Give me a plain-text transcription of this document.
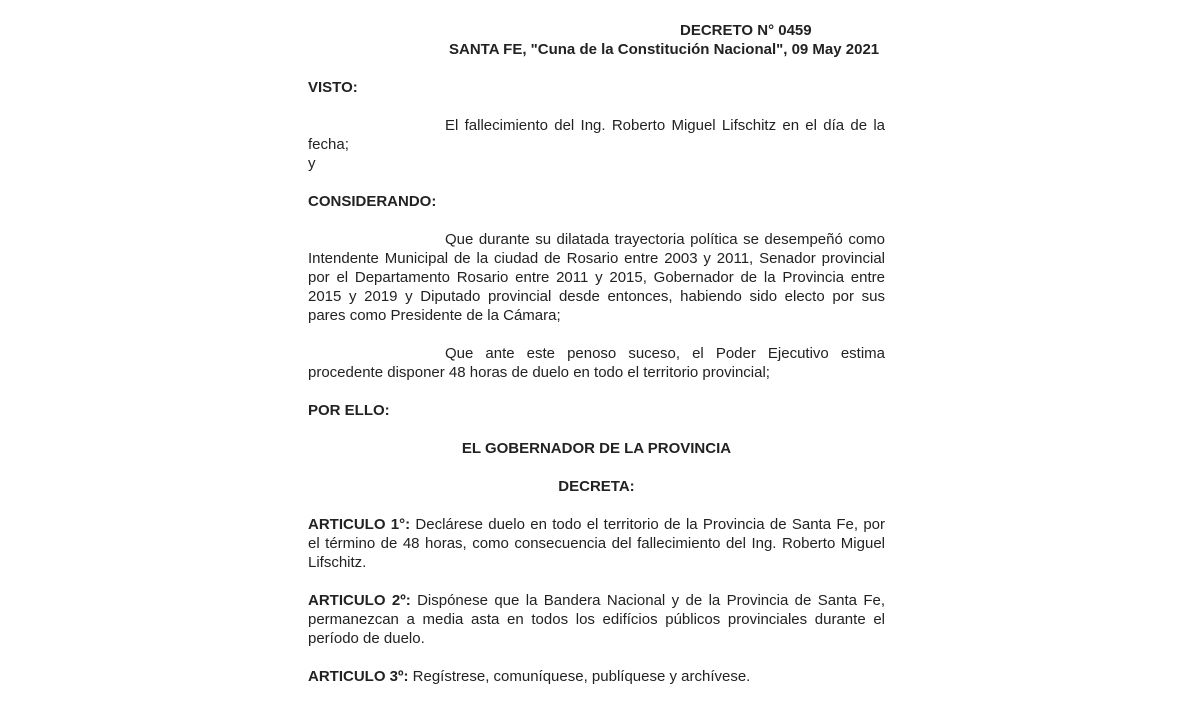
DECRETO N° 0459
SANTA FE, "Cuna de la Constitución Nacional", 09 May 2021

VISTO:

El fallecimiento del Ing. Roberto Miguel Lifschitz en el día de la fecha;
y

CONSIDERANDO:

Que durante su dilatada trayectoria política se desempeñó como Intendente Municipal de la ciudad de Rosario entre 2003 y 2011, Senador provincial por el Departamento Rosario entre 2011 y 2015, Gobernador de la Provincia entre 2015 y 2019 y Diputado provincial desde entonces, habiendo sido electo por sus pares como Presidente de la Cámara;

Que ante este penoso suceso, el Poder Ejecutivo estima procedente disponer 48 horas de duelo en todo el territorio provincial;

POR ELLO:

EL GOBERNADOR DE LA PROVINCIA

DECRETA:

ARTICULO 1°: Declárese duelo en todo el territorio de la Provincia de Santa Fe, por el término de 48 horas, como consecuencia del fallecimiento del Ing. Roberto Miguel Lifschitz.

ARTICULO 2º: Dispónese que la Bandera Nacional y de la Provincia de Santa Fe, permanezcan a media asta en todos los edifícios públicos provinciales durante el período de duelo.

ARTICULO 3º: Regístrese, comuníquese, publíquese y archívese.
